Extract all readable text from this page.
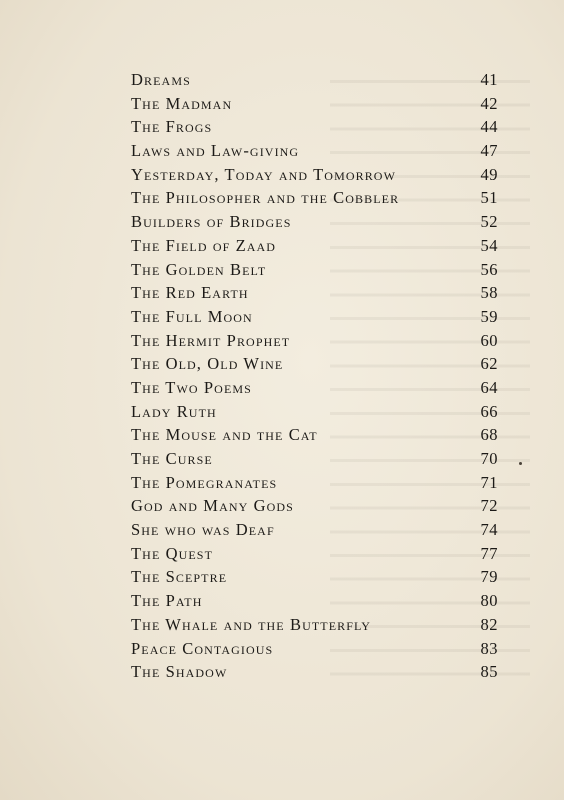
Dreams	41
The Madman	42
The Frogs	44
Laws and Law-giving	47
Yesterday, Today and Tomorrow	49
The Philosopher and the Cobbler	51
Builders of Bridges	52
The Field of Zaad	54
The Golden Belt	56
The Red Earth	58
The Full Moon	59
The Hermit Prophet	60
The Old, Old Wine	62
The Two Poems	64
Lady Ruth	66
The Mouse and the Cat	68
The Curse	70
The Pomegranates	71
God and Many Gods	72
She who was Deaf	74
The Quest	77
The Sceptre	79
The Path	80
The Whale and the Butterfly	82
Peace Contagious	83
The Shadow	85
